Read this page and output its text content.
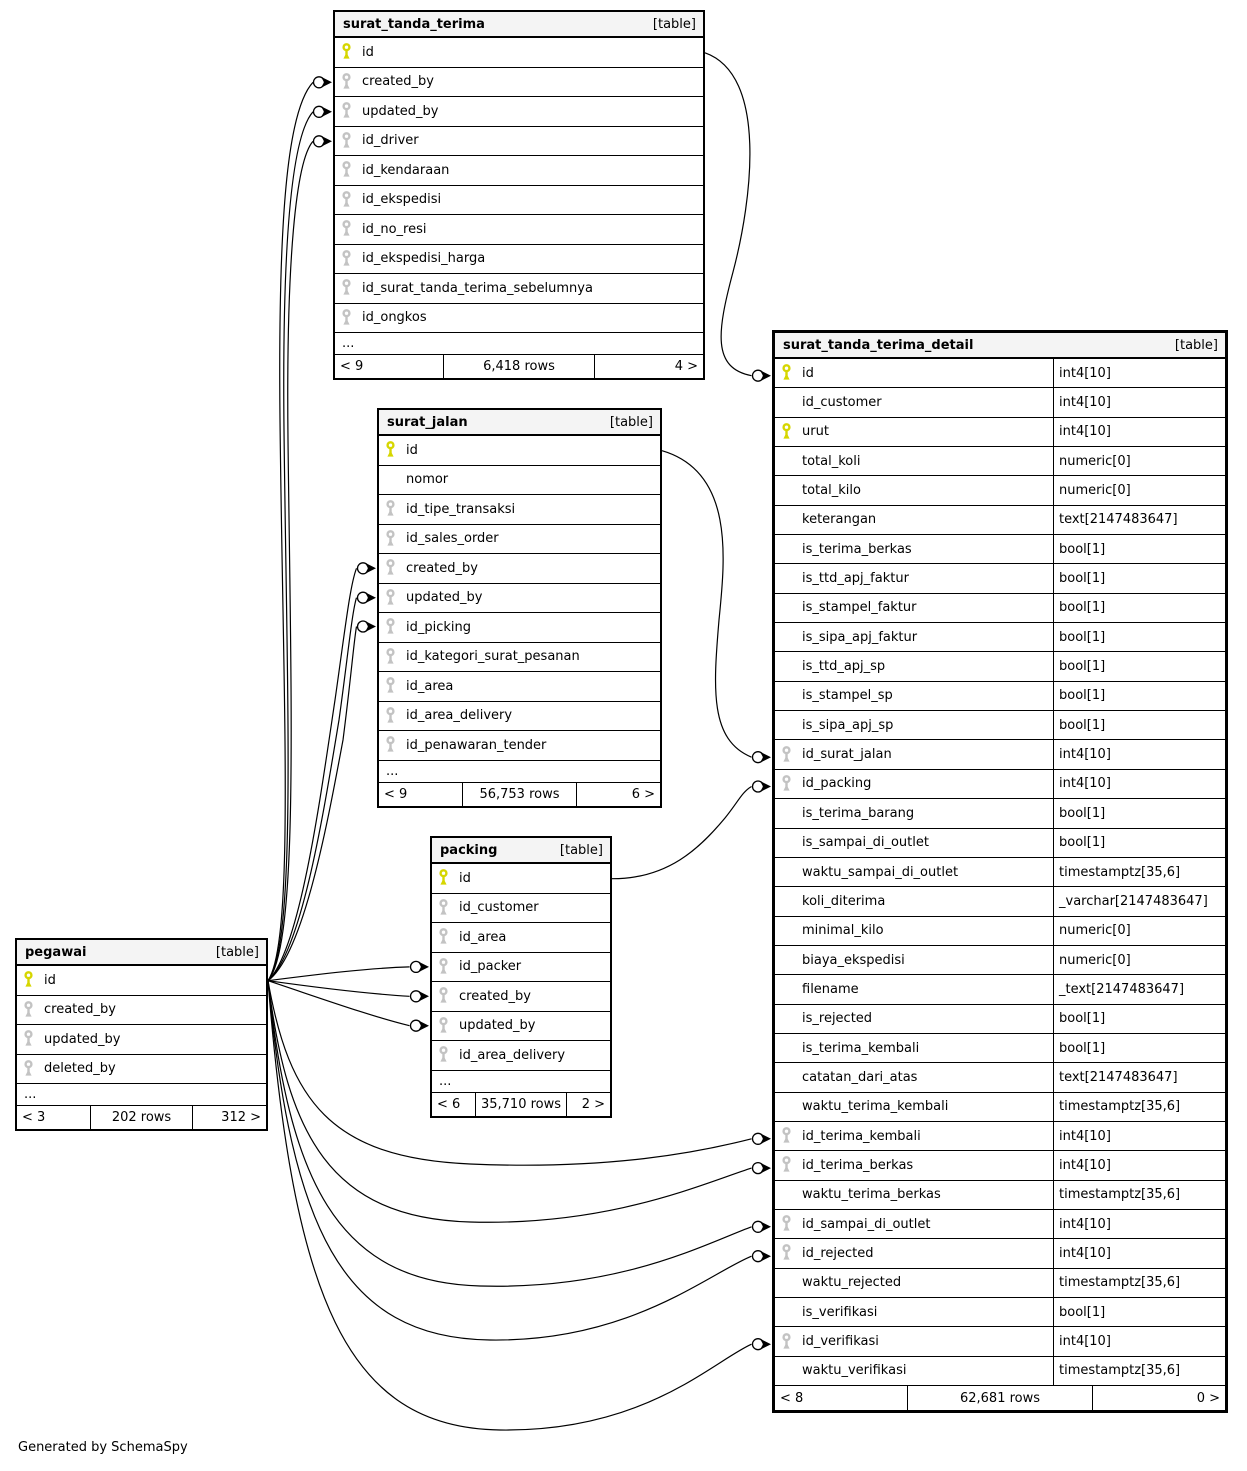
surat_tanda_terima	[table]
id
created_by
updated_by
id_driver
id_kendaraan
id_ekspedisi
id_no_resi
id_ekspedisi_harga
id_surat_tanda_terima_sebelumnya
id_ongkos
...
< 9	6,418 rows	4 >
surat_jalan	[table]
id
nomor
id_tipe_transaksi
id_sales_order
created_by
updated_by
id_picking
id_kategori_surat_pesanan
id_area
id_area_delivery
id_penawaran_tender
...
< 9	56,753 rows	6 >
packing	[table]
id
id_customer
id_area
id_packer
created_by
updated_by
id_area_delivery
...
< 6	35,710 rows	2 >
pegawai	[table]
id
created_by
updated_by
deleted_by
...
< 3	202 rows	312 >
surat_tanda_terima_detail	[table]
id	int4[10]
id_customer	int4[10]
urut	int4[10]
total_koli	numeric[0]
total_kilo	numeric[0]
keterangan	text[2147483647]
is_terima_berkas	bool[1]
is_ttd_apj_faktur	bool[1]
is_stampel_faktur	bool[1]
is_sipa_apj_faktur	bool[1]
is_ttd_apj_sp	bool[1]
is_stampel_sp	bool[1]
is_sipa_apj_sp	bool[1]
id_surat_jalan	int4[10]
id_packing	int4[10]
is_terima_barang	bool[1]
is_sampai_di_outlet	bool[1]
waktu_sampai_di_outlet	timestamptz[35,6]
koli_diterima	_varchar[2147483647]
minimal_kilo	numeric[0]
biaya_ekspedisi	numeric[0]
filename	_text[2147483647]
is_rejected	bool[1]
is_terima_kembali	bool[1]
catatan_dari_atas	text[2147483647]
waktu_terima_kembali	timestamptz[35,6]
id_terima_kembali	int4[10]
id_terima_berkas	int4[10]
waktu_terima_berkas	timestamptz[35,6]
id_sampai_di_outlet	int4[10]
id_rejected	int4[10]
waktu_rejected	timestamptz[35,6]
is_verifikasi	bool[1]
id_verifikasi	int4[10]
waktu_verifikasi	timestamptz[35,6]
< 8	62,681 rows	0 >
Generated by SchemaSpy
